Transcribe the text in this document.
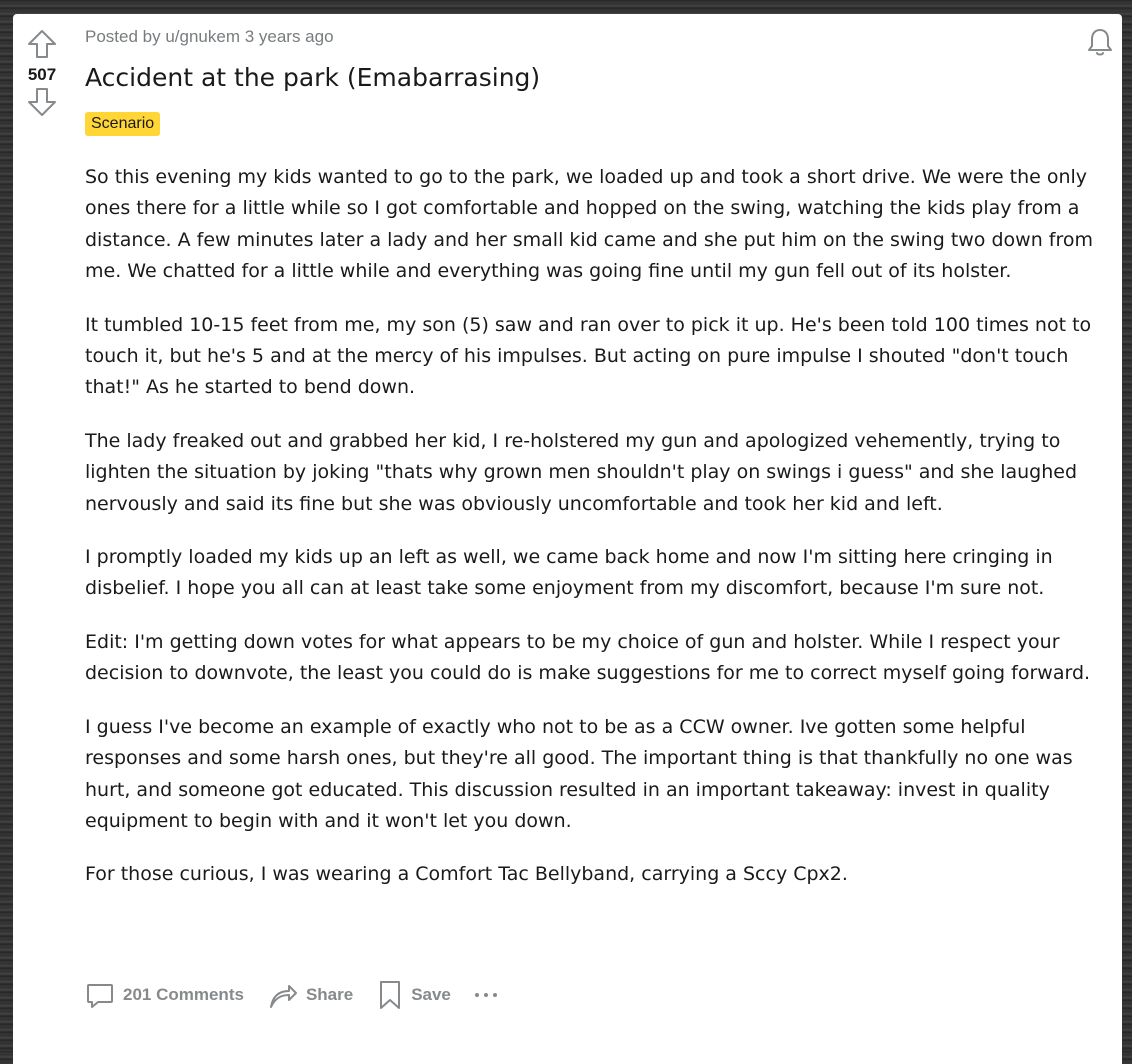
507
Posted by u/gnukem 3 years ago
Accident at the park (Emabarrasing)
Scenario

So this evening my kids wanted to go to the park, we loaded up and took a short drive. We were the only ones there for a little while so I got comfortable and hopped on the swing, watching the kids play from a distance. A few minutes later a lady and her small kid came and she put him on the swing two down from me. We chatted for a little while and everything was going fine until my gun fell out of its holster.

It tumbled 10-15 feet from me, my son (5) saw and ran over to pick it up. He's been told 100 times not to touch it, but he's 5 and at the mercy of his impulses. But acting on pure impulse I shouted "don't touch that!" As he started to bend down.

The lady freaked out and grabbed her kid, I re-holstered my gun and apologized vehemently, trying to lighten the situation by joking "thats why grown men shouldn't play on swings i guess" and she laughed nervously and said its fine but she was obviously uncomfortable and took her kid and left.

I promptly loaded my kids up an left as well, we came back home and now I'm sitting here cringing in disbelief. I hope you all can at least take some enjoyment from my discomfort, because I'm sure not.

Edit: I'm getting down votes for what appears to be my choice of gun and holster. While I respect your decision to downvote, the least you could do is make suggestions for me to correct myself going forward.

I guess I've become an example of exactly who not to be as a CCW owner. Ive gotten some helpful responses and some harsh ones, but they're all good. The important thing is that thankfully no one was hurt, and someone got educated. This discussion resulted in an important takeaway: invest in quality equipment to begin with and it won't let you down.

For those curious, I was wearing a Comfort Tac Bellyband, carrying a Sccy Cpx2.

201 Comments	Share	Save
